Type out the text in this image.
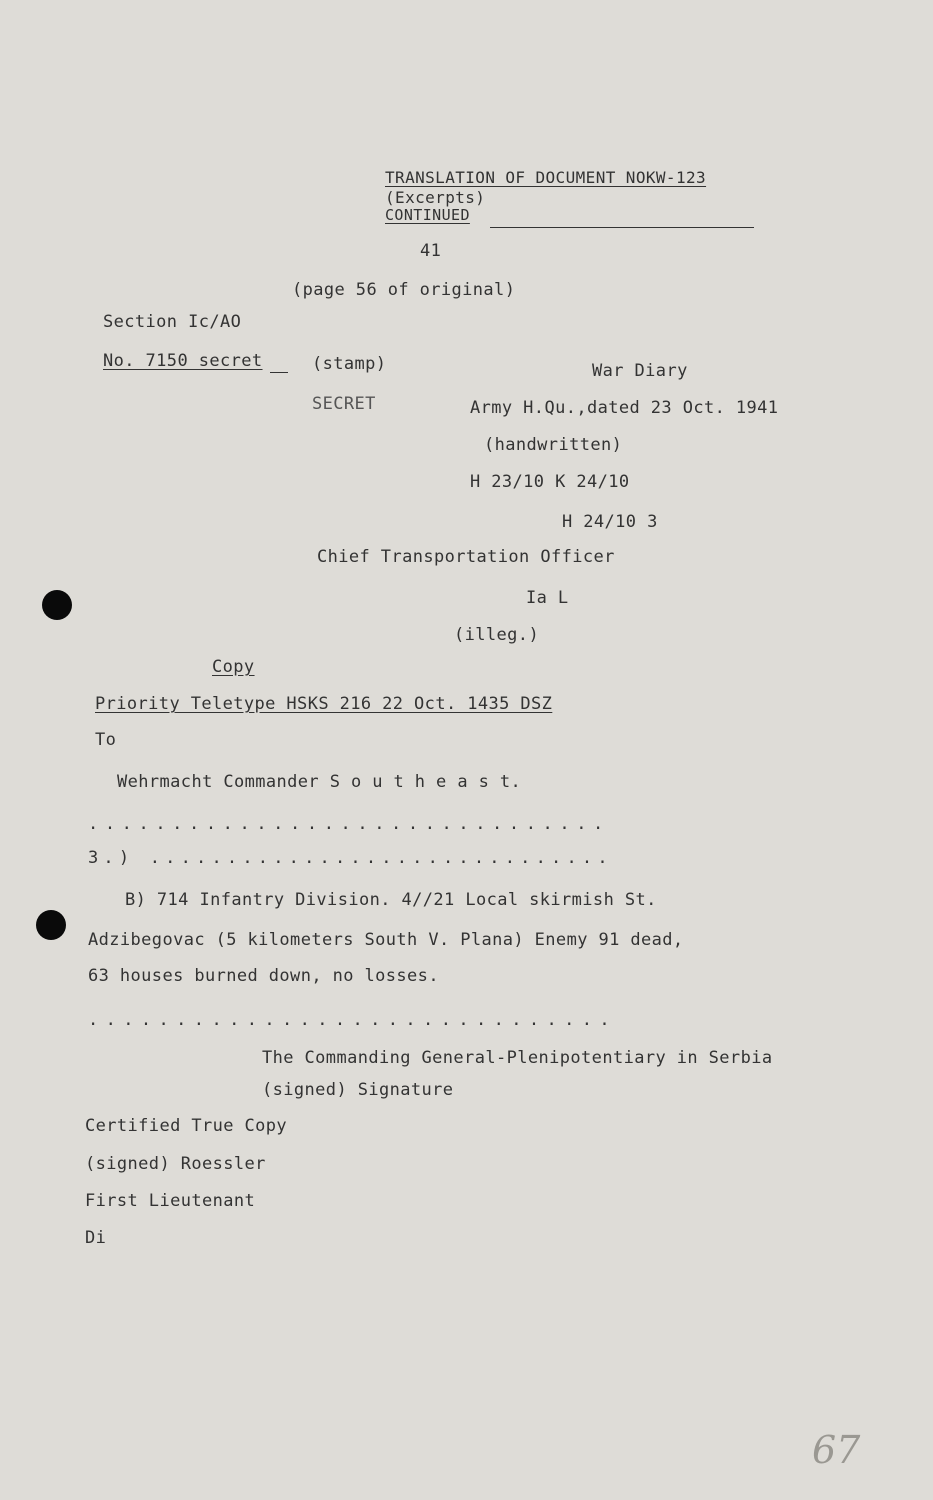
TRANSLATION OF DOCUMENT NOKW-123
(Excerpts)
CONTINUED
41
(page 56 of original)
Section Ic/AO
No. 7150 secret	(stamp)	War Diary
SECRET	Army H.Qu.,dated 23 Oct. 1941
(handwritten)
H 23/10 K 24/10
H 24/10 3
Chief Transportation Officer
Ia L
(illeg.)
Copy
Priority Teletype HSKS 216 22 Oct. 1435 DSZ
To
Wehrmacht Commander S o u t h e a s t.
...............................
3.) ..............................
B) 714 Infantry Division. 4//21 Local skirmish St.
Adzibegovac (5 kilometers South V. Plana) Enemy 91 dead,
63 houses burned down, no losses.
..............................
The Commanding General-Plenipotentiary in Serbia
(signed) Signature
Certified True Copy
(signed) Roessler
First Lieutenant
Di
67
